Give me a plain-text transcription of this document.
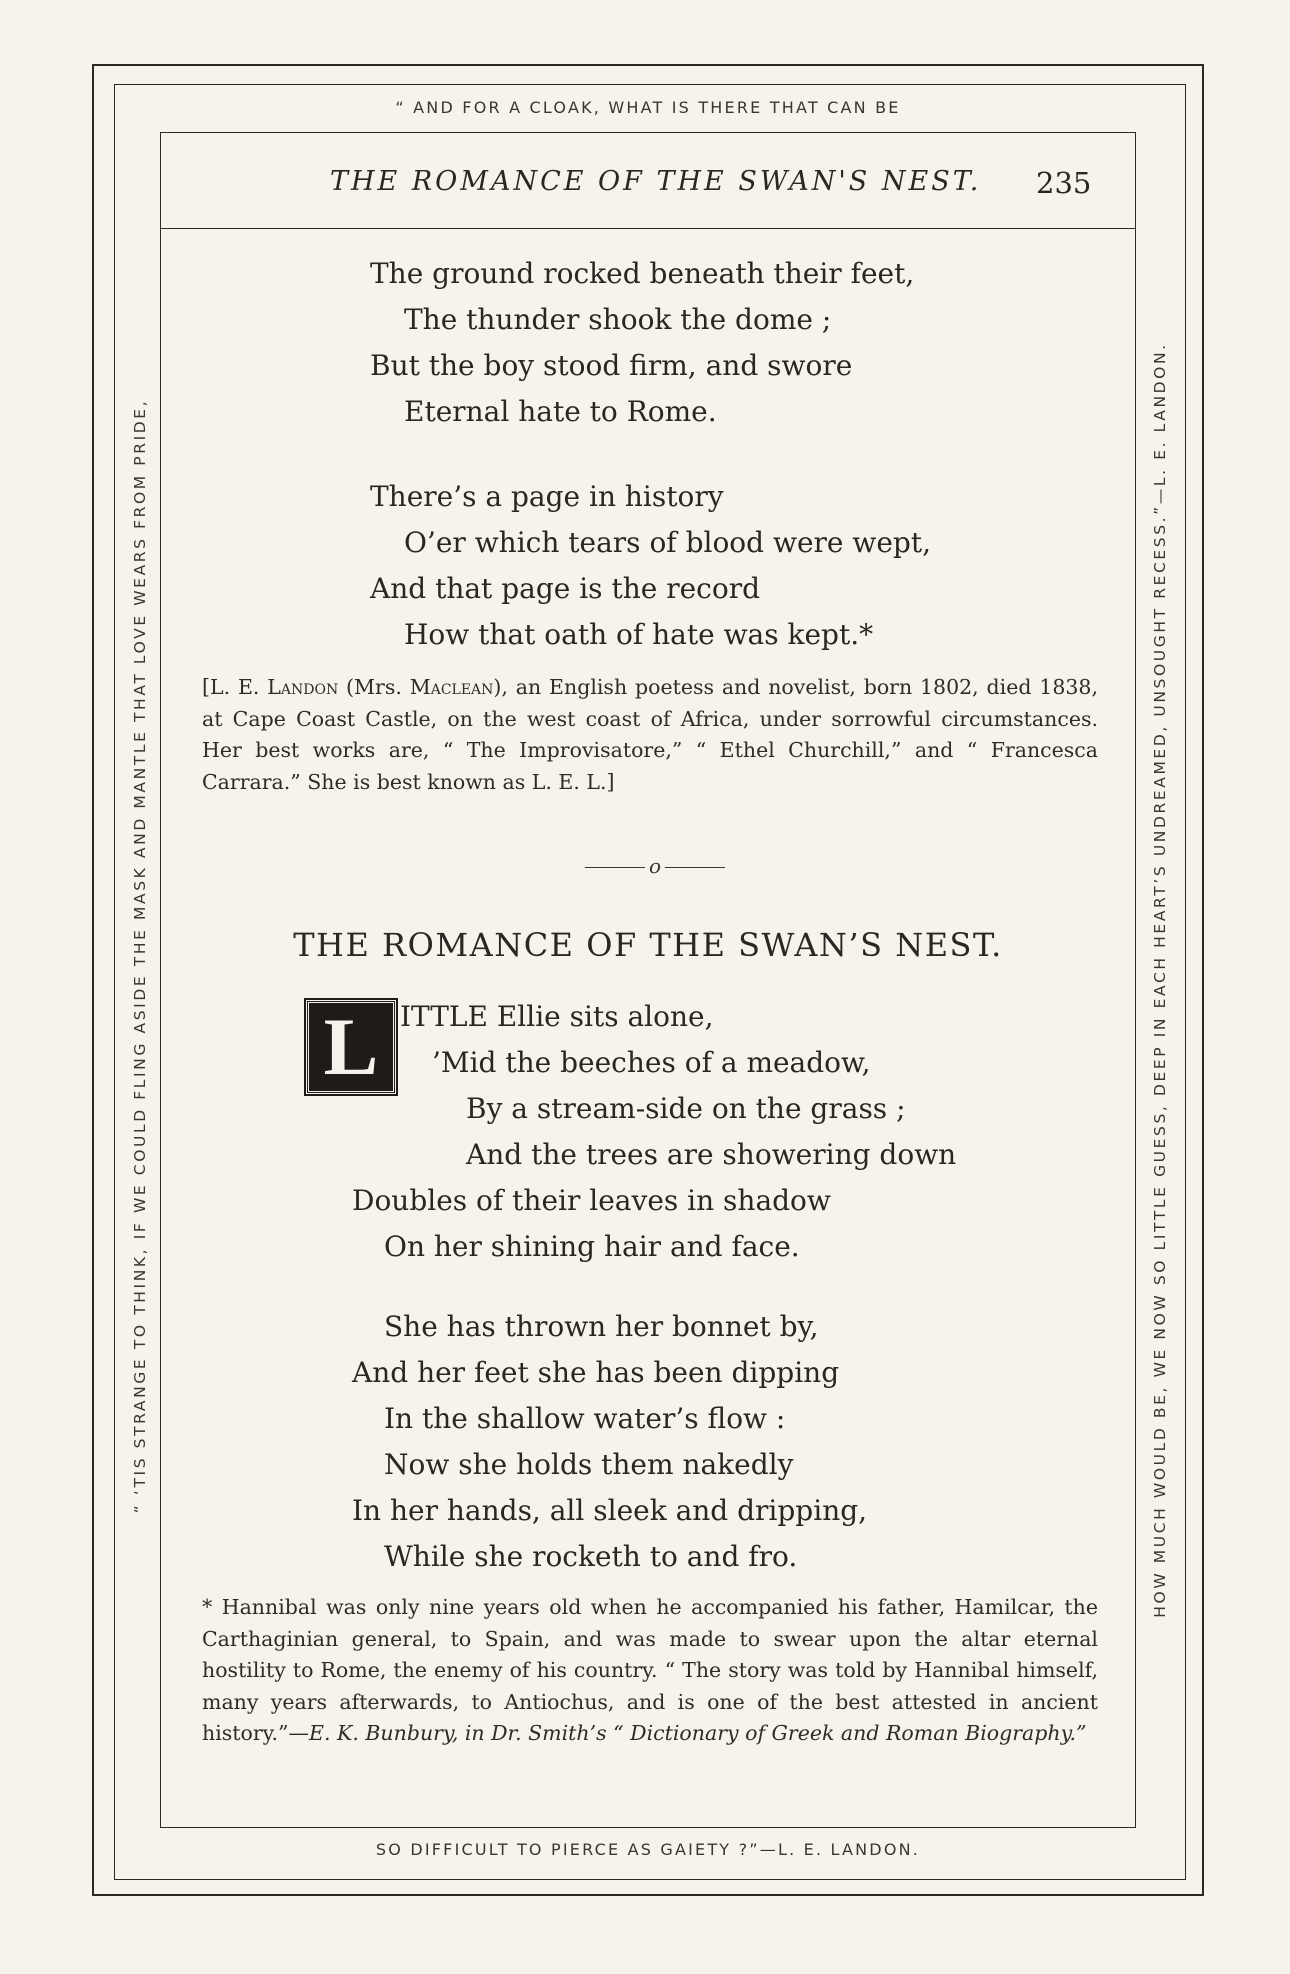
“ AND FOR A CLOAK, WHAT IS THERE THAT CAN BE
SO DIFFICULT TO PIERCE AS GAIETY ?”—L. E. LANDON.
“ ‘TIS STRANGE TO THINK, IF WE COULD FLING ASIDE THE MASK AND MANTLE THAT LOVE WEARS FROM PRIDE,	HOW MUCH WOULD BE, WE NOW SO LITTLE GUESS, DEEP IN EACH HEART’S UNDREAMED, UNSOUGHT RECESS.”—L. E. LANDON.
THE ROMANCE OF THE SWAN'S NEST. 235
The ground rocked beneath their feet,
The thunder shook the dome ;
But the boy stood firm, and swore
Eternal hate to Rome.
There’s a page in history
O’er which tears of blood were wept,
And that page is the record
How that oath of hate was kept.*

[L. E. Landon (Mrs. Maclean), an English poetess and novelist, born 1802, died 1838, at Cape Coast Castle, on the west coast of Africa, under sorrowful circumstances. Her best works are, “ The Improvisatore,” “ Ethel Churchill,” and “ Francesca Carrara.” She is best known as L. E. L.]

o
THE ROMANCE OF THE SWAN’S NEST.
L ITTLE Ellie sits alone,
’Mid the beeches of a meadow,
By a stream-side on the grass ;
And the trees are showering down
Doubles of their leaves in shadow
On her shining hair and face.
She has thrown her bonnet by,
And her feet she has been dipping
In the shallow water’s flow :
Now she holds them nakedly
In her hands, all sleek and dripping,
While she rocketh to and fro.

* Hannibal was only nine years old when he accompanied his father, Hamilcar, the Carthaginian general, to Spain, and was made to swear upon the altar eternal hostility to Rome, the enemy of his country. “ The story was told by Hannibal himself, many years afterwards, to Antiochus, and is one of the best attested in ancient history.”—E. K. Bunbury, in Dr. Smith’s “ Dictionary of Greek and Roman Biography.”
